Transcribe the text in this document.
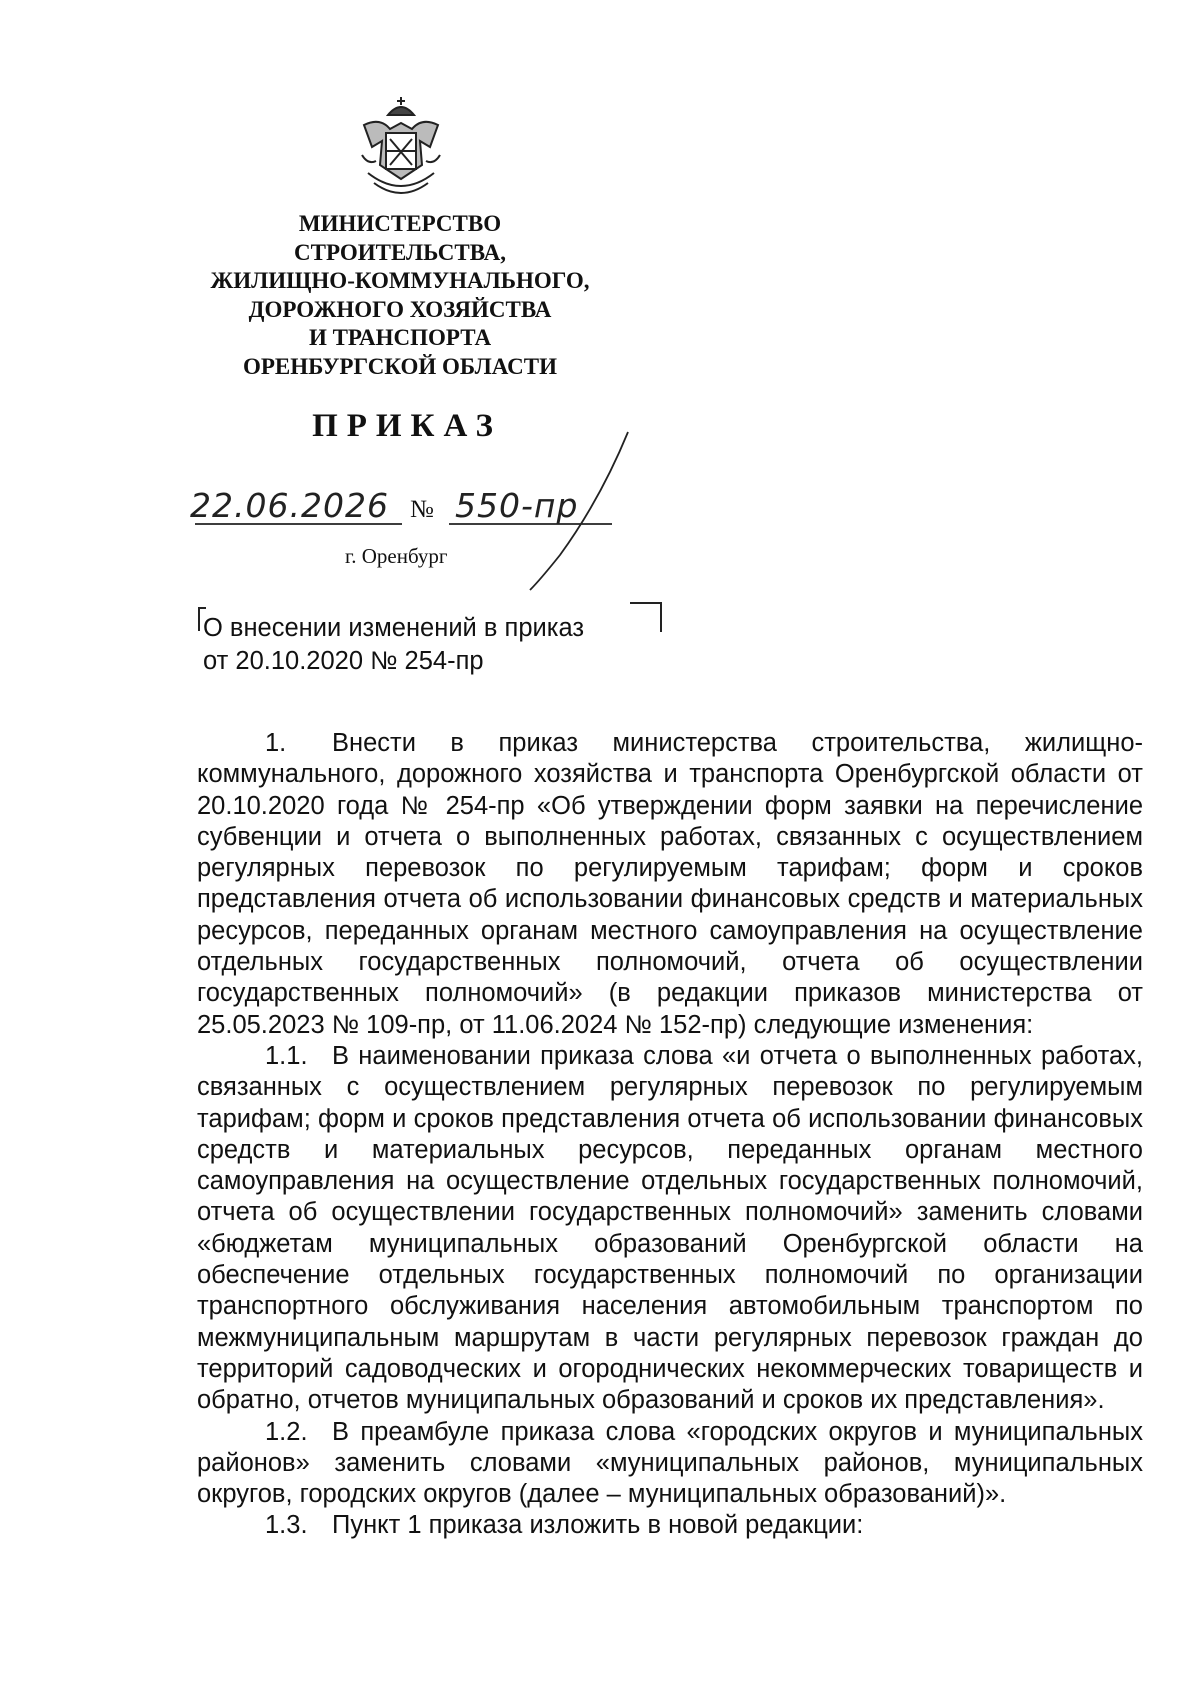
МИНИСТЕРСТВО
СТРОИТЕЛЬСТВА,
ЖИЛИЩНО-КОММУНАЛЬНОГО,
ДОРОЖНОГО ХОЗЯЙСТВА
И ТРАНСПОРТА
ОРЕНБУРГСКОЙ ОБЛАСТИ
ПРИКАЗ
22.06.2026 № 550-пр
г. Оренбург
О внесении изменений в приказ
от 20.10.2020 № 254-пр

1. Внести в приказ министерства строительства, жилищно-коммунального, дорожного хозяйства и транспорта Оренбургской области от 20.10.2020 года № 254-пр «Об утверждении форм заявки на перечисление субвенции и отчета о выполненных работах, связанных с осуществлением регулярных перевозок по регулируемым тарифам; форм и сроков представления отчета об использовании финансовых средств и материальных ресурсов, переданных органам местного самоуправления на осуществление отдельных государственных полномочий, отчета об осуществлении государственных полномочий» (в редакции приказов министерства от 25.05.2023 № 109-пр, от 11.06.2024 № 152-пр) следующие изменения:

1.1. В наименовании приказа слова «и отчета о выполненных работах, связанных с осуществлением регулярных перевозок по регулируемым тарифам; форм и сроков представления отчета об использовании финансовых средств и материальных ресурсов, переданных органам местного самоуправления на осуществление отдельных государственных полномочий, отчета об осуществлении государственных полномочий» заменить словами «бюджетам муниципальных образований Оренбургской области на обеспечение отдельных государственных полномочий по организации транспортного обслуживания населения автомобильным транспортом по межмуниципальным маршрутам в части регулярных перевозок граждан до территорий садоводческих и огороднических некоммерческих товариществ и обратно, отчетов муниципальных образований и сроков их представления».

1.2. В преамбуле приказа слова «городских округов и муниципальных районов» заменить словами «муниципальных районов, муниципальных округов, городских округов (далее – муниципальных образований)».

1.3. Пункт 1 приказа изложить в новой редакции:
